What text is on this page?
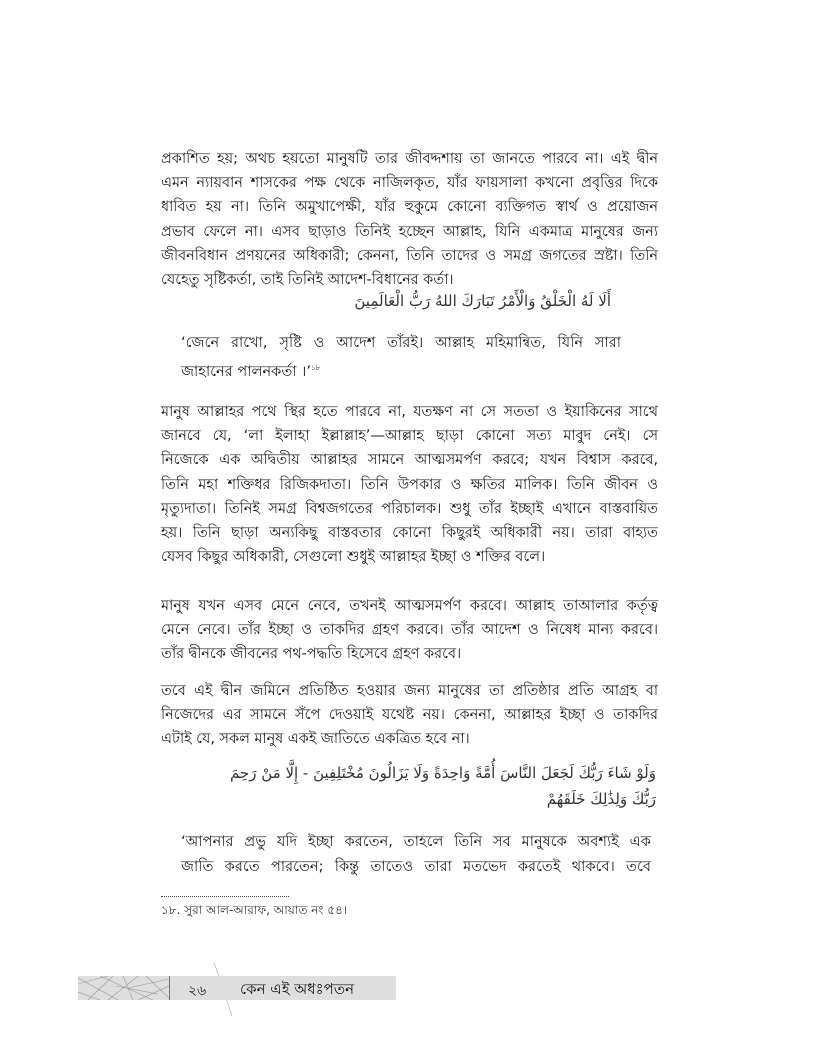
প্রকাশিত হয়; অথচ হয়তো মানুষটি তার জীবদ্দশায় তা জানতে পারবে না। এই দ্বীন
এমন ন্যায়বান শাসকের পক্ষ থেকে নাজিলকৃত, যাঁর ফায়সালা কখনো প্রবৃত্তির দিকে
ধাবিত হয় না। তিনি অমুখাপেক্ষী, যাঁর হুকুমে কোনো ব্যক্তিগত স্বার্থ ও প্রয়োজন
প্রভাব ফেলে না। এসব ছাড়াও তিনিই হচ্ছেন আল্লাহ, যিনি একমাত্র মানুষের জন্য
জীবনবিধান প্রণয়নের অধিকারী; কেননা, তিনি তাদের ও সমগ্র জগতের স্রষ্টা। তিনি
যেহেতু সৃষ্টিকর্তা, তাই তিনিই আদেশ-বিধানের কর্তা।
أَلَا لَهُ الْخَلْقُ وَالْأَمْرُ تَبَارَكَ اللهُ رَبُّ الْعَالَمِينَ
‘জেনে রাখো, সৃষ্টি ও আদেশ তাঁরই। আল্লাহ মহিমান্বিত, যিনি সারা
জাহানের পালনকর্তা ।’$^{১৮}$
মানুষ আল্লাহর পথে স্থির হতে পারবে না, যতক্ষণ না সে সততা ও ইয়াকিনের সাথে
জানবে যে, ‘লা ইলাহা ইল্লাল্লাহ’—আল্লাহ ছাড়া কোনো সত্য মাবুদ নেই। সে
নিজেকে এক অদ্বিতীয় আল্লাহর সামনে আত্মসমর্পণ করবে; যখন বিশ্বাস করবে,
তিনি মহা শক্তিধর রিজিকদাতা। তিনি উপকার ও ক্ষতির মালিক। তিনি জীবন ও
মৃত্যুদাতা। তিনিই সমগ্র বিশ্বজগতের পরিচালক। শুধু তাঁর ইচ্ছাই এখানে বাস্তবায়িত
হয়। তিনি ছাড়া অন্যকিছু বাস্তবতার কোনো কিছুরই অধিকারী নয়। তারা বাহ্যত
যেসব কিছুর অধিকারী, সেগুলো শুধুই আল্লাহর ইচ্ছা ও শক্তির বলে।
মানুষ যখন এসব মেনে নেবে, তখনই আত্মসমর্পণ করবে। আল্লাহ তাআলার কর্তৃত্ব
মেনে নেবে। তাঁর ইচ্ছা ও তাকদির গ্রহণ করবে। তাঁর আদেশ ও নিষেধ মান্য করবে।
তাঁর দ্বীনকে জীবনের পথ-পদ্ধতি হিসেবে গ্রহণ করবে।
তবে এই দ্বীন জমিনে প্রতিষ্ঠিত হওয়ার জন্য মানুষের তা প্রতিষ্ঠার প্রতি আগ্রহ বা
নিজেদের এর সামনে সঁপে দেওয়াই যথেষ্ট নয়। কেননা, আল্লাহর ইচ্ছা ও তাকদির
এটাই যে, সকল মানুষ একই জাতিতে একত্রিত হবে না।
وَلَوْ شَاءَ رَبُّكَ لَجَعَلَ النَّاسَ أُمَّةً وَاحِدَةً وَلَا يَزَالُونَ مُخْتَلِفِينَ - إِلَّا مَنْ رَحِمَ
رَبُّكَ وَلِذَٰلِكَ خَلَقَهُمْ
‘আপনার প্রভু যদি ইচ্ছা করতেন, তাহলে তিনি সব মানুষকে অবশ্যই এক
জাতি করতে পারতেন; কিন্তু তাতেও তারা মতভেদ করতেই থাকবে। তবে
১৮. সুরা আল-আরাফ, আয়াত নং ৫৪।
২৬ কেন এই অধঃপতন
